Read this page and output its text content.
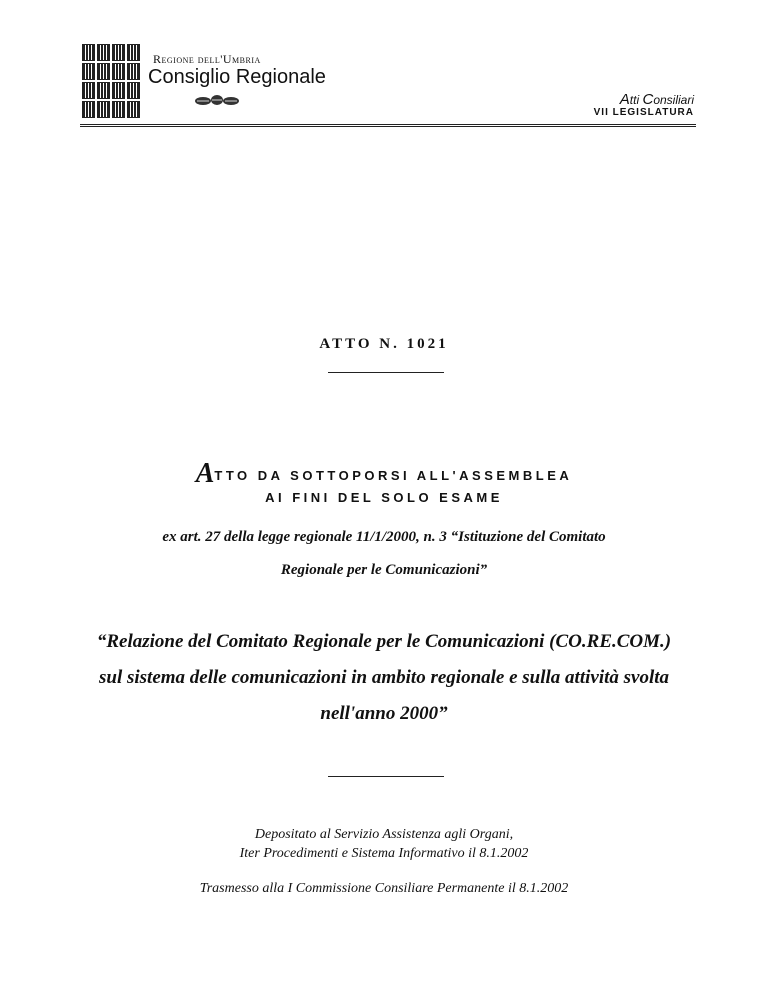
Regione dell'Umbria
Consiglio Regionale
Atti Consiliari
VII LEGISLATURA
ATTO N. 1021
ATTO DA SOTTOPORSI ALL'ASSEMBLEA
AI FINI DEL SOLO ESAME
ex art. 27 della legge regionale 11/1/2000, n. 3 “Istituzione del Comitato
Regionale per le Comunicazioni”
“Relazione del Comitato Regionale per le Comunicazioni (CO.RE.COM.)
sul sistema delle comunicazioni in ambito regionale e sulla attività svolta
nell'anno 2000”
Depositato al Servizio Assistenza agli Organi,
Iter Procedimenti e Sistema Informativo il 8.1.2002
Trasmesso alla I Commissione Consiliare Permanente il 8.1.2002
